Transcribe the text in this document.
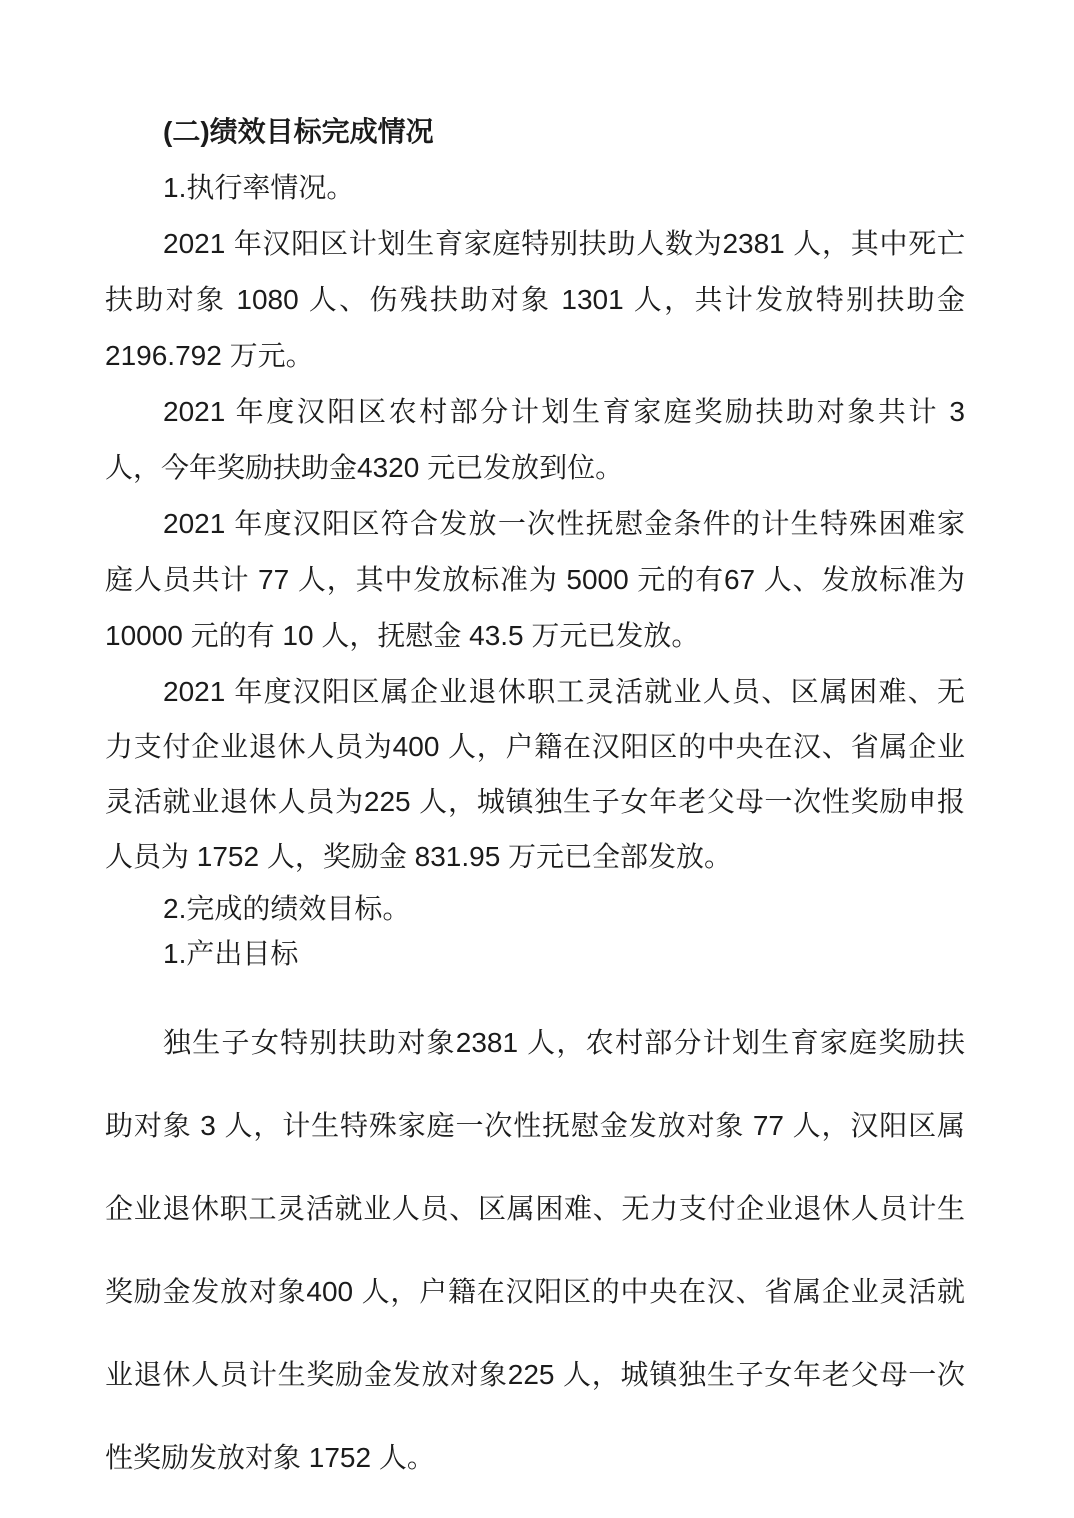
(二)绩效目标完成情况
1.执行率情况。
2021 年汉阳区计划生育家庭特别扶助人数为2381 人，其中死亡
扶助对象 1080 人、伤残扶助对象 1301 人，共计发放特别扶助金
2196.792 万元。
2021 年度汉阳区农村部分计划生育家庭奖励扶助对象共计 3
人，今年奖励扶助金4320 元已发放到位。
2021 年度汉阳区符合发放一次性抚慰金条件的计生特殊困难家
庭人员共计 77 人，其中发放标准为 5000 元的有67 人、发放标准为
10000 元的有 10 人，抚慰金 43.5 万元已发放。
2021 年度汉阳区属企业退休职工灵活就业人员、区属困难、无
力支付企业退休人员为400 人，户籍在汉阳区的中央在汉、省属企业
灵活就业退休人员为225 人，城镇独生子女年老父母一次性奖励申报
人员为 1752 人，奖励金 831.95 万元已全部发放。
2.完成的绩效目标。
1.产出目标
独生子女特别扶助对象2381 人，农村部分计划生育家庭奖励扶
助对象 3 人，计生特殊家庭一次性抚慰金发放对象 77 人，汉阳区属
企业退休职工灵活就业人员、区属困难、无力支付企业退休人员计生
奖励金发放对象400 人，户籍在汉阳区的中央在汉、省属企业灵活就
业退休人员计生奖励金发放对象225 人，城镇独生子女年老父母一次
性奖励发放对象 1752 人。
